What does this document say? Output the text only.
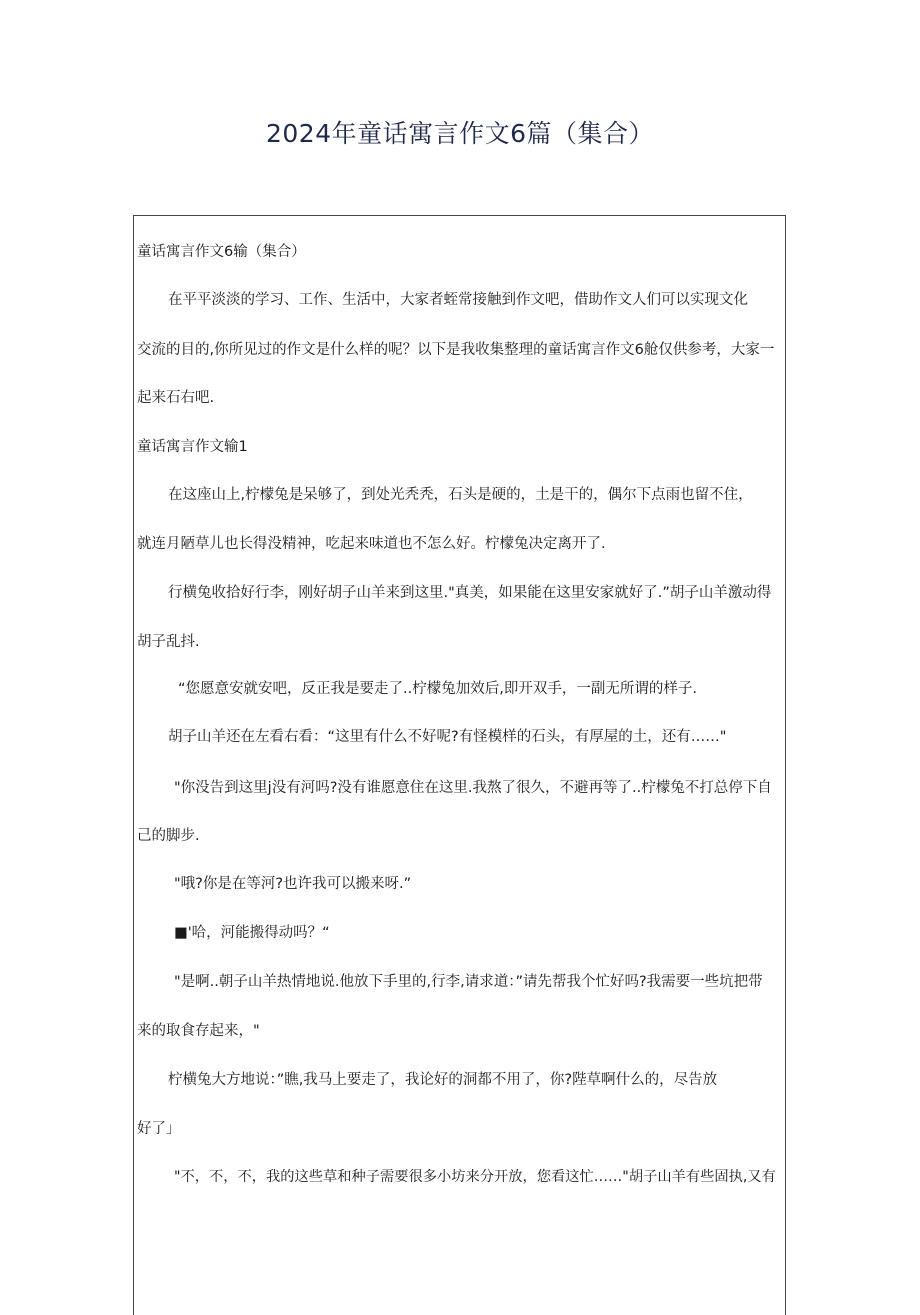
2024年童话寓言作文6篇（集合）

童话寓言作文6输（集合）

在平平淡淡的学习、工作、生活中，大家者蛭常接触到作文吧，借助作文人们可以实现文化

交流的目的,你所见过的作文是什么样的呢？以下是我收集整理的童话寓言作文6舱仅供参考，大家一

起来石右吧.

童话寓言作文输1

在这座山上,柠檬兔是呆够了，到处光秃秃，石头是硬的，土是干的，偶尔下点雨也留不住，

就连月陋草儿也长得没精神，吃起来味道也不怎么好。柠檬兔决定离开了.

行横兔收拾好行李，刚好胡子山羊来到这里."真美，如果能在这里安家就好了.”胡子山羊激动得

胡子乱抖.

“您愿意安就安吧，反正我是要走了..柠檬兔加效后,即开双手，一副无所谓的样子.

胡子山羊还在左看右看：“这里有什么不好呢?有怪模样的石头，有厚屋的土，还有……"

"你没告到这里j没有河吗?没有谁愿意住在这里.我熬了很久，不避再等了..柠檬兔不打总停下自

己的脚步.

"哦?你是在等河?也许我可以搬来呀.”

■'哈，河能搬得动吗？“

"是啊..朝子山羊热情地说.他放下手里的,行李,请求道：”请先帮我个忙好吗?我需要一些坑把带

来的取食存起来，"

柠横兔大方地说：”瞧,我马上要走了，我论好的洞都不用了，你?陛草啊什么的，尽告放

好了」

"不，不，不，我的这些草和种子需要很多小坊来分开放，您看这忙……"胡子山羊有些固执,又有
